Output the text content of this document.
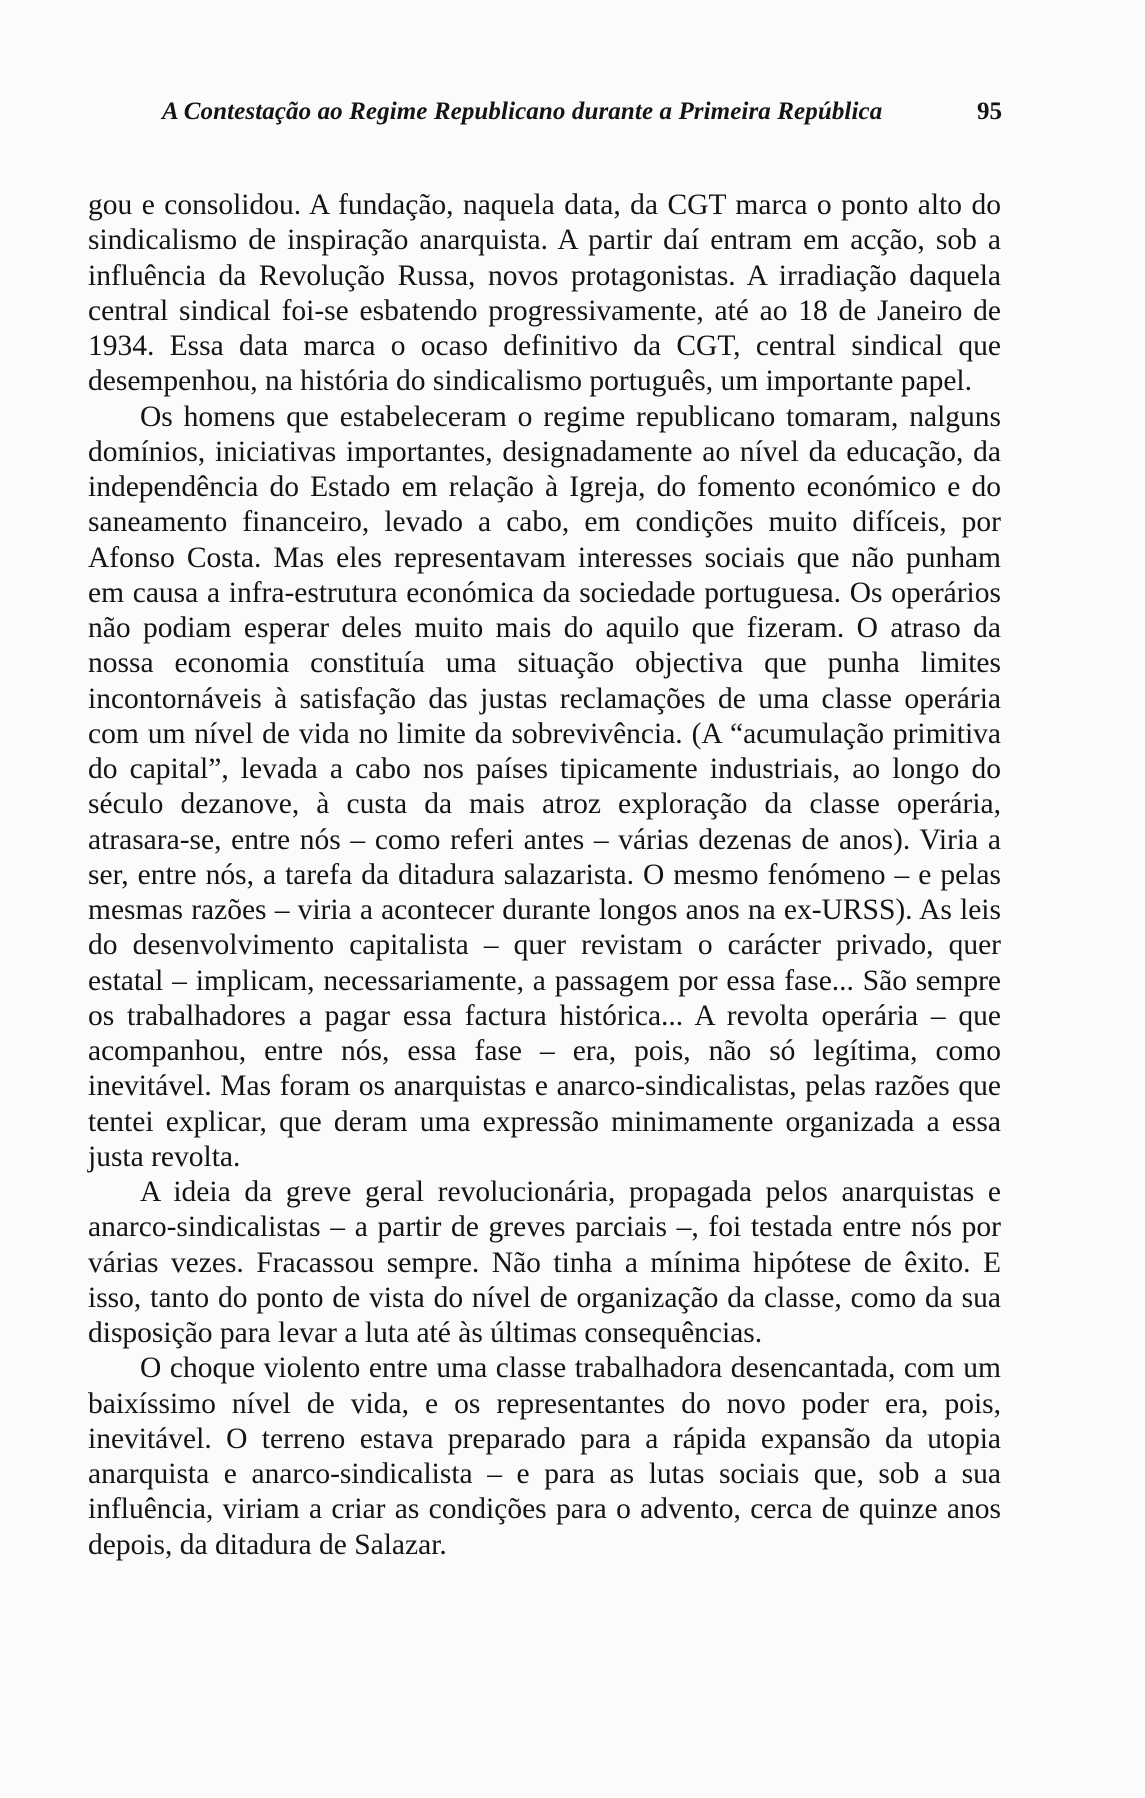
A Contestação ao Regime Republicano durante a Primeira República	95

gou e consolidou. A fundação, naquela data, da CGT marca o ponto alto do sindicalismo de inspiração anarquista. A partir daí entram em acção, sob a influência da Revolução Russa, novos protagonistas. A irradiação daquela central sindical foi-se esbatendo progressivamente, até ao 18 de Janeiro de 1934. Essa data marca o ocaso definitivo da CGT, central sindical que desempenhou, na história do sindicalismo português, um importante papel.

Os homens que estabeleceram o regime republicano tomaram, nalguns domínios, iniciativas importantes, designadamente ao nível da educação, da independência do Estado em relação à Igreja, do fomento económico e do saneamento financeiro, levado a cabo, em condições muito difíceis, por Afonso Costa. Mas eles representavam interesses sociais que não punham em causa a infra-estrutura económica da sociedade portuguesa. Os operários não podiam esperar deles muito mais do aquilo que fizeram. O atraso da nossa economia constituía uma situação objectiva que punha limites incontornáveis à satisfação das justas reclamações de uma classe operária com um nível de vida no limite da sobrevivência. (A “acumulação primitiva do capital”, levada a cabo nos países tipicamente industriais, ao longo do século dezanove, à custa da mais atroz exploração da classe operária, atrasara-se, entre nós – como referi antes – várias dezenas de anos). Viria a ser, entre nós, a tarefa da ditadura salazarista. O mesmo fenómeno – e pelas mesmas razões – viria a acontecer durante longos anos na ex-URSS). As leis do desenvolvimento capitalista – quer revistam o carácter privado, quer estatal – implicam, necessariamente, a passagem por essa fase... São sempre os trabalhadores a pagar essa factura histórica... A revolta operária – que acompanhou, entre nós, essa fase – era, pois, não só legítima, como inevitável. Mas foram os anarquistas e anarco-sindicalistas, pelas razões que tentei explicar, que deram uma expressão minimamente organizada a essa justa revolta.

A ideia da greve geral revolucionária, propagada pelos anarquistas e anarco-sindicalistas – a partir de greves parciais –, foi testada entre nós por várias vezes. Fracassou sempre. Não tinha a mínima hipótese de êxito. E isso, tanto do ponto de vista do nível de organização da classe, como da sua disposição para levar a luta até às últimas consequências.

O choque violento entre uma classe trabalhadora desencantada, com um baixíssimo nível de vida, e os representantes do novo poder era, pois, inevitável. O terreno estava preparado para a rápida expansão da utopia anarquista e anarco-sindicalista – e para as lutas sociais que, sob a sua influência, viriam a criar as condições para o advento, cerca de quinze anos depois, da ditadura de Salazar.
